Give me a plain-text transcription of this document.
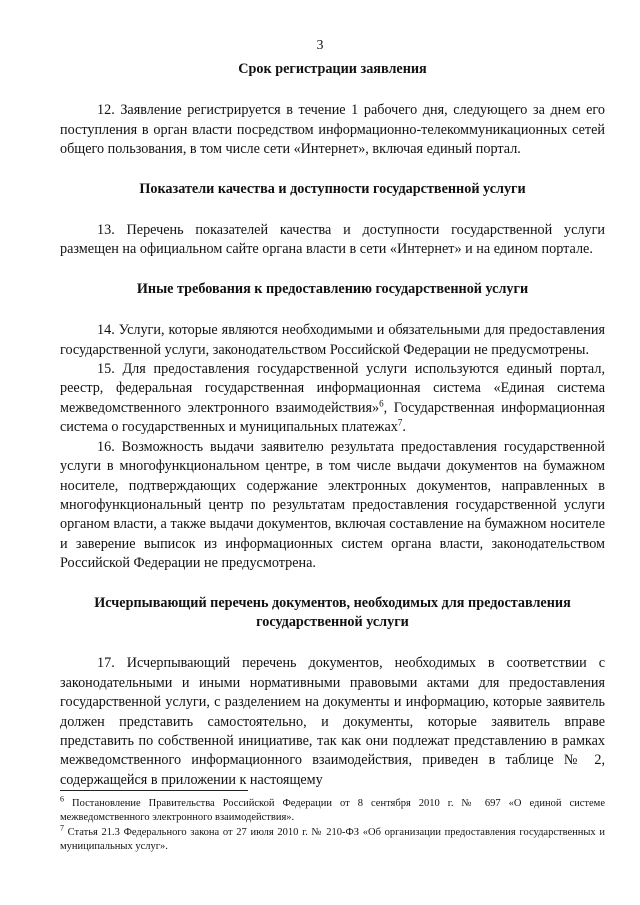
3
Срок регистрации заявления

12. Заявление регистрируется в течение 1 рабочего дня, следующего за днем его поступления в орган власти посредством информационно-телекоммуникационных сетей общего пользования, в том числе сети «Интернет», включая единый портал.

Показатели качества и доступности государственной услуги

13. Перечень показателей качества и доступности государственной услуги размещен на официальном сайте органа власти в сети «Интернет» и на едином портале.

Иные требования к предоставлению государственной услуги

14. Услуги, которые являются необходимыми и обязательными для предоставления государственной услуги, законодательством Российской Федерации не предусмотрены.

15. Для предоставления государственной услуги используются единый портал, реестр, федеральная государственная информационная система «Единая система межведомственного электронного взаимодействия»$^6$, Государственная информационная система о государственных и муниципальных платежах$^7$.

16. Возможность выдачи заявителю результата предоставления государственной услуги в многофункциональном центре, в том числе выдачи документов на бумажном носителе, подтверждающих содержание электронных документов, направленных в многофункциональный центр по результатам предоставления государственной услуги органом власти, а также выдачи документов, включая составление на бумажном носителе и заверение выписок из информационных систем органа власти, законодательством Российской Федерации не предусмотрена.

Исчерпывающий перечень документов, необходимых для предоставления
государственной услуги

17. Исчерпывающий перечень документов, необходимых в соответствии с законодательными и иными нормативными правовыми актами для предоставления государственной услуги, с разделением на документы и информацию, которые заявитель должен представить самостоятельно, и документы, которые заявитель вправе представить по собственной инициативе, так как они подлежат представлению в рамках межведомственного информационного взаимодействия, приведен в таблице № 2, содержащейся в приложении к настоящему

$^6$ Постановление Правительства Российской Федерации от 8 сентября 2010 г. № 697 «О единой системе межведомственного электронного взаимодействия».

$^7$ Статья 21.3 Федерального закона от 27 июля 2010 г. № 210-ФЗ «Об организации предоставления государственных и муниципальных услуг».
